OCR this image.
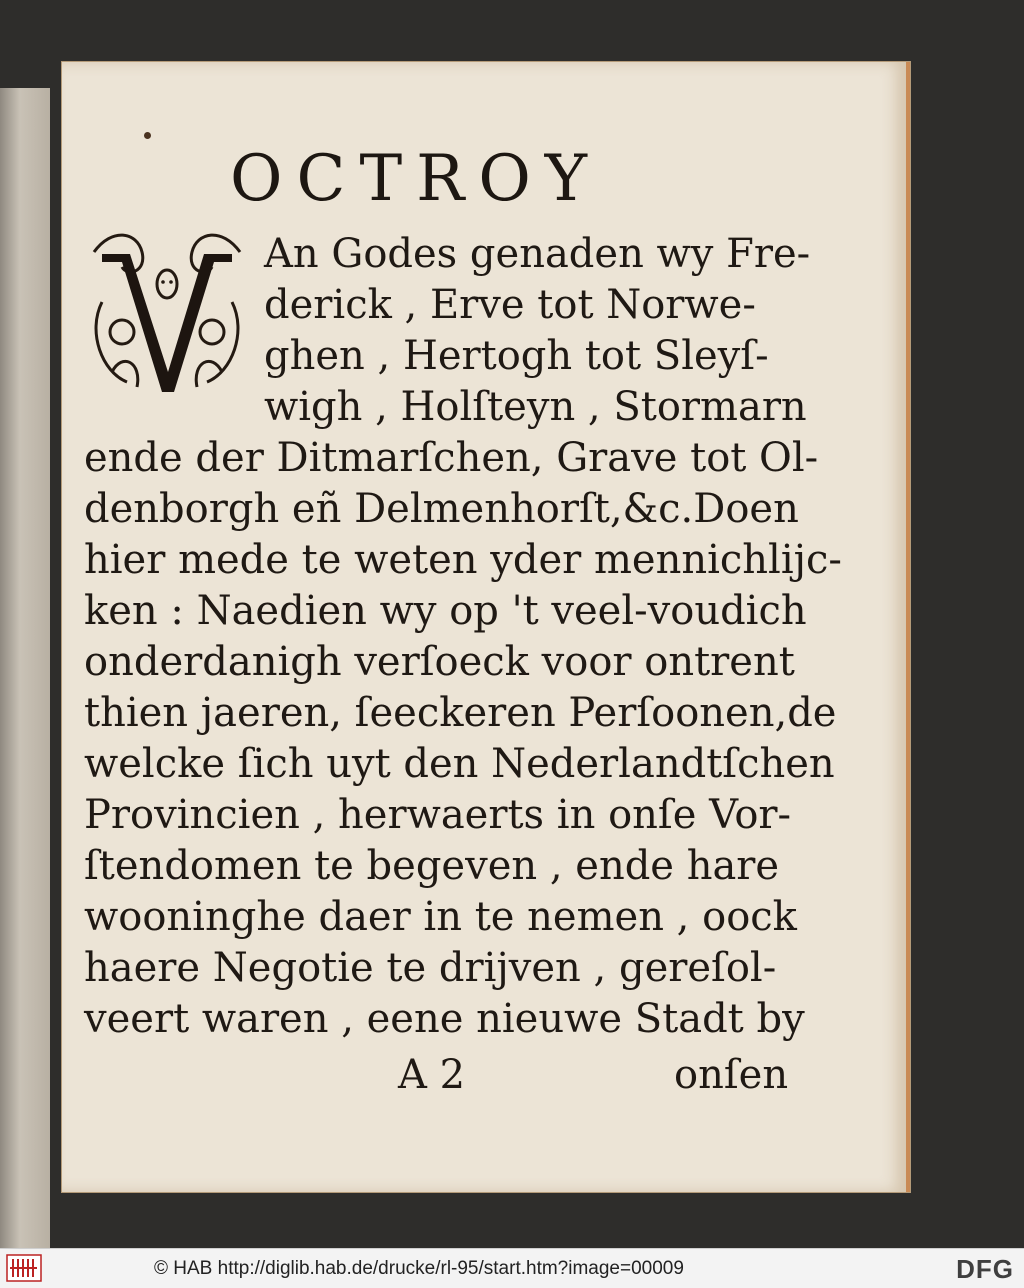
OCTROY

An Godes genaden wy Fre-

derick , Erve tot Norwe-

ghen , Hertogh tot Sleyſ-

wigh , Holſteyn , Stormarn

ende der Ditmarſchen, Grave tot Ol-

denborgh eñ Delmenhorſt,&c.Doen

hier mede te weten yder mennichlijc-

ken : Naedien wy op 't veel-voudich

onderdanigh verſoeck voor ontrent

thien jaeren, ſeeckeren Perſoonen,de

welcke ſich uyt den Nederlandtſchen

Provincien , herwaerts in onſe Vor-

ſtendomen te begeven , ende hare

wooninghe daer in te nemen , oock

haere Negotie te drijven , gereſol-

veert waren , eene nieuwe Stadt by

A 2	onſen

© HAB http://diglib.hab.de/drucke/rl-95/start.htm?image=00009	DFG
